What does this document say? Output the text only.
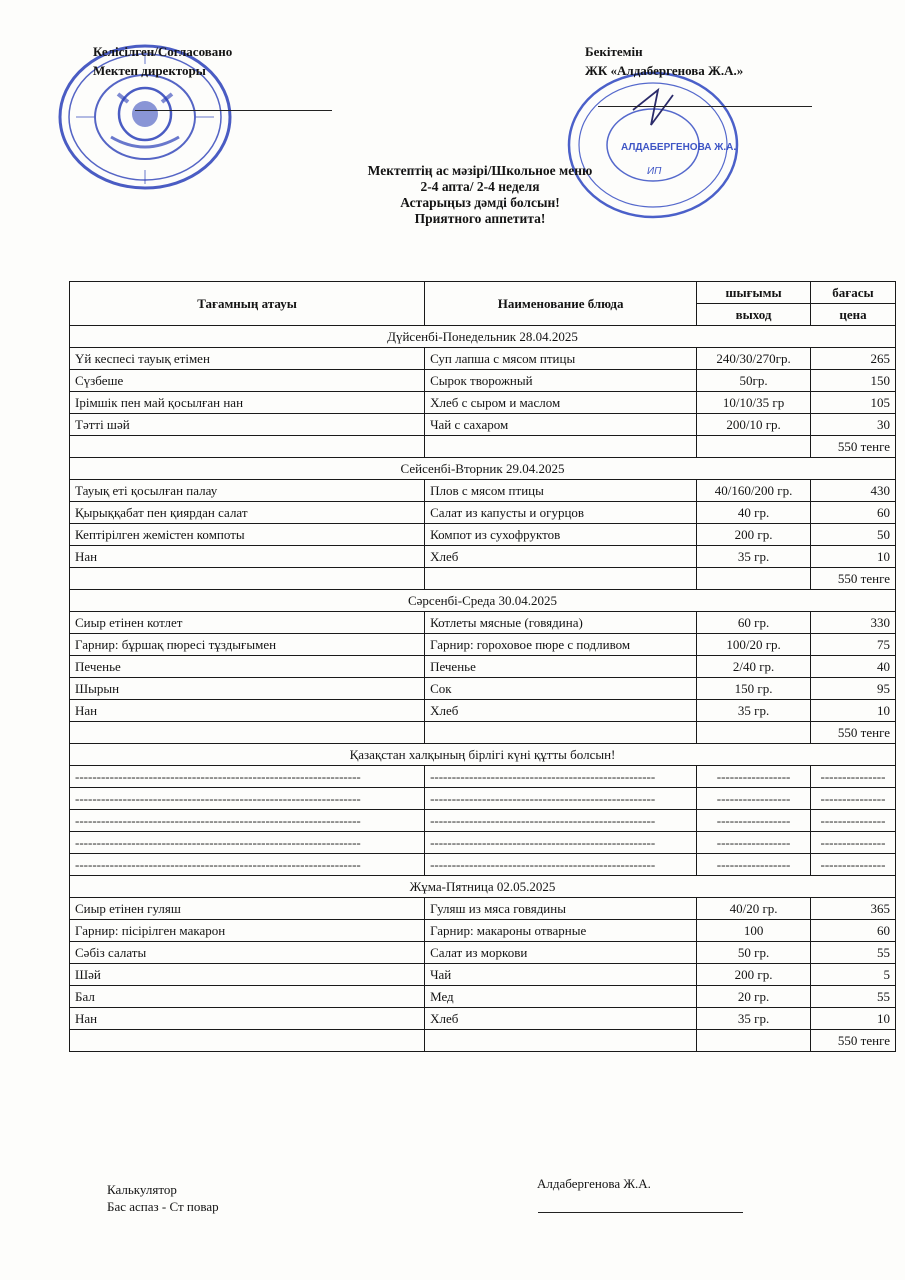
Келісілген/Согласовано
Мектеп директоры
АЛДАБЕРГЕНОВА Ж.А.
ИП
Бекітемін
ЖК «Алдабергенова Ж.А.»
Мектептің ас мәзірі/Школьное меню
2-4 апта/ 2-4 неделя
Астарыңыз дәмді болсын!
Приятного аппетита!
Тағамның атауы	Наименование блюда	шығымы	бағасы
		выход	цена
Дүйсенбі-Понедельник 28.04.2025			
Үй кеспесі тауық етімен	Суп лапша с мясом птицы	240/30/270гр.	265
Сүзбеше	Сырок творожный	50гр.	150
Ірімшік пен май қосылған нан	Хлеб с сыром и маслом	10/10/35 гр	105
Тәтті шәй	Чай с сахаром	200/10 гр.	30
			550 тенге
Сейсенбі-Вторник 29.04.2025			
Тауық еті қосылған палау	Плов с мясом птицы	40/160/200 гр.	430
Қырыққабат пен қиярдан салат	Салат из капусты и огурцов	40 гр.	60
Кептірілген жемістен компоты	Компот из сухофруктов	200 гр.	50
Нан	Хлеб	35 гр.	10
			550 тенге
Сәрсенбі-Среда 30.04.2025			
Сиыр етінен котлет	Котлеты мясные (говядина)	60 гр.	330
Гарнир: бұршақ пюресі тұздығымен	Гарнир: гороховое пюре с подливом	100/20 гр.	75
Печенье	Печенье	2/40 гр.	40
Шырын	Сок	150 гр.	95
Нан	Хлеб	35 гр.	10
			550 тенге
Қазақстан халқының бірлігі күні құтты болсын!			
------------------------------------------------------------------	----------------------------------------------------	-----------------	---------------
------------------------------------------------------------------	----------------------------------------------------	-----------------	---------------
------------------------------------------------------------------	----------------------------------------------------	-----------------	---------------
------------------------------------------------------------------	----------------------------------------------------	-----------------	---------------
------------------------------------------------------------------	----------------------------------------------------	-----------------	---------------
Жұма-Пятница 02.05.2025			
Сиыр етінен гуляш	Гуляш из мяса говядины	40/20 гр.	365
Гарнир: пісірілген макарон	Гарнир: макароны отварные	100	60
Сәбіз салаты	Салат из моркови	50 гр.	55
Шәй	Чай	200 гр.	5
Бал	Мед	20 гр.	55
Нан	Хлеб	35 гр.	10
			550 тенге
Калькулятор
Бас аспаз - Ст повар
Алдабергенова Ж.А.
